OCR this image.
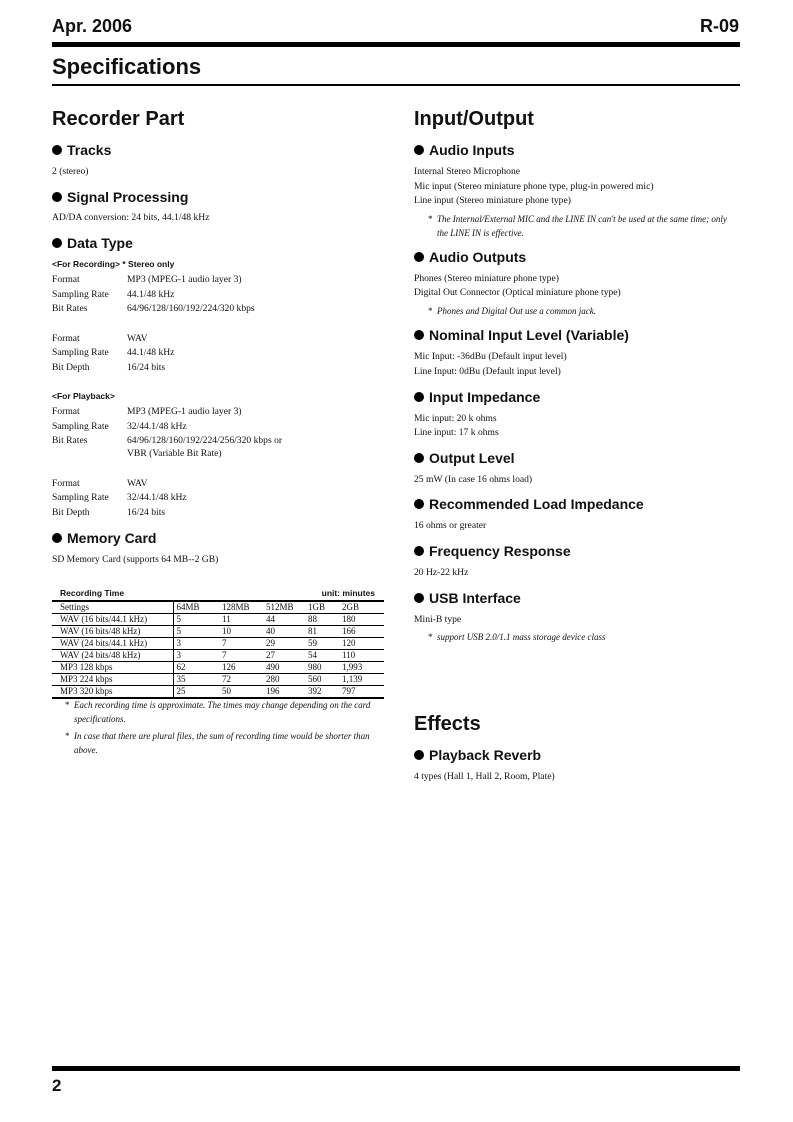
Apr. 2006	R-09
Specifications
Recorder Part
Tracks
2 (stereo)
Signal Processing
AD/DA conversion: 24 bits, 44.1/48 kHz
Data Type
<For Recording> * Stereo only
Format	MP3 (MPEG-1 audio layer 3)
Sampling Rate 44.1/48 kHz
Bit Rates	64/96/128/160/192/224/320 kbps
Format	WAV
Sampling Rate 44.1/48 kHz
Bit Depth	16/24 bits
<For Playback>
Format	MP3 (MPEG-1 audio layer 3)
Sampling Rate 32/44.1/48 kHz
Bit Rates	64/96/128/160/192/224/256/320 kbps or
VBR (Variable Bit Rate)
Format	WAV
Sampling Rate 32/44.1/48 kHz
Bit Depth	16/24 bits
Memory Card
SD Memory Card (supports 64 MB--2 GB)
Recording Time	unit: minutes
Settings	64MB	128MB	512MB	1GB	2GB
WAV (16 bits/44.1 kHz)	5	11	44	88	180
WAV (16 bits/48 kHz)	5	10	40	81	166
WAV (24 bits/44.1 kHz)	3	7	29	59	120
WAV (24 bits/48 kHz)	3	7	27	54	110
MP3 128 kbps	62	126	490	980	1,993
MP3 224 kbps	35	72	280	560	1,139
MP3 320 kbps	25	50	196	392	797
* Each recording time is approximate. The times may change depending on the card specifications.
* In case that there are plural files, the sum of recording time would be shorter than above.
Input/Output
Audio Inputs
Internal Stereo Microphone
Mic input (Stereo miniature phone type, plug-in powered mic)
Line input (Stereo miniature phone type)
* The Internal/External MIC and the LINE IN can't be used at the same time; only the LINE IN is effective.
Audio Outputs
Phones (Stereo miniature phone type)
Digital Out Connector (Optical miniature phone type)
* Phones and Digital Out use a common jack.
Nominal Input Level (Variable)
Mic Input: -36dBu (Default input level)
Line Input: 0dBu (Default input level)
Input Impedance
Mic input: 20 k ohms
Line input: 17 k ohms
Output Level
25 mW (In case 16 ohms load)
Recommended Load Impedance
16 ohms or greater
Frequency Response
20 Hz-22 kHz
USB Interface
Mini-B type
* support USB 2.0/1.1 mass storage device class
Effects
Playback Reverb
4 types (Hall 1, Hall 2, Room, Plate)
2
